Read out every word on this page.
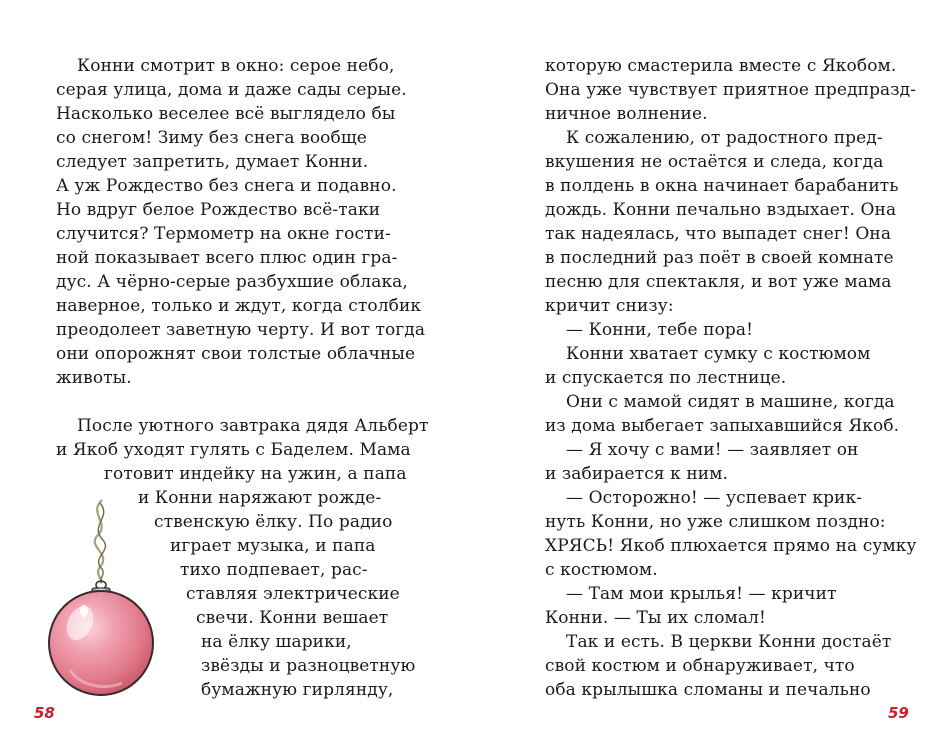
Конни смотрит в окно: серое небо,
серая улица, дома и даже сады серые.
Насколько веселее всё выглядело бы
со снегом! Зиму без снега вообще
следует запретить, думает Конни.
А уж Рождество без снега и подавно.
Но вдруг белое Рождество всё-таки
случится? Термометр на окне гости-
ной показывает всего плюс один гра-
дус. А чёрно-серые разбухшие облака,
наверное, только и ждут, когда столбик
преодолеет заветную черту. И вот тогда
они опорожнят свои толстые облачные
животы.
После уютного завтрака дядя Альберт
и Якоб уходят гулять с Баделем. Мама
готовит индейку на ужин, а папа
и Конни наряжают рожде-
ственскую ёлку. По радио
играет музыка, и папа
тихо подпевает, рас-
ставляя электрические
свечи. Конни вешает
на ёлку шарики,
звёзды и разноцветную
бумажную гирлянду,
которую смастерила вместе с Якобом.
Она уже чувствует приятное предпразд-
ничное волнение.
К сожалению, от радостного пред-
вкушения не остаётся и следа, когда
в полдень в окна начинает барабанить
дождь. Конни печально вздыхает. Она
так надеялась, что выпадет снег! Она
в последний раз поёт в своей комнате
песню для спектакля, и вот уже мама
кричит снизу:
— Конни, тебе пора!
Конни хватает сумку с костюмом
и спускается по лестнице.
Они с мамой сидят в машине, когда
из дома выбегает запыхавшийся Якоб.
— Я хочу с вами! — заявляет он
и забирается к ним.
— Осторожно! — успевает крик-
нуть Конни, но уже слишком поздно:
ХРЯСЬ! Якоб плюхается прямо на сумку
с костюмом.
— Там мои крылья! — кричит
Конни. — Ты их сломал!
Так и есть. В церкви Конни достаёт
свой костюм и обнаруживает, что
оба крылышка сломаны и печально
58	59
